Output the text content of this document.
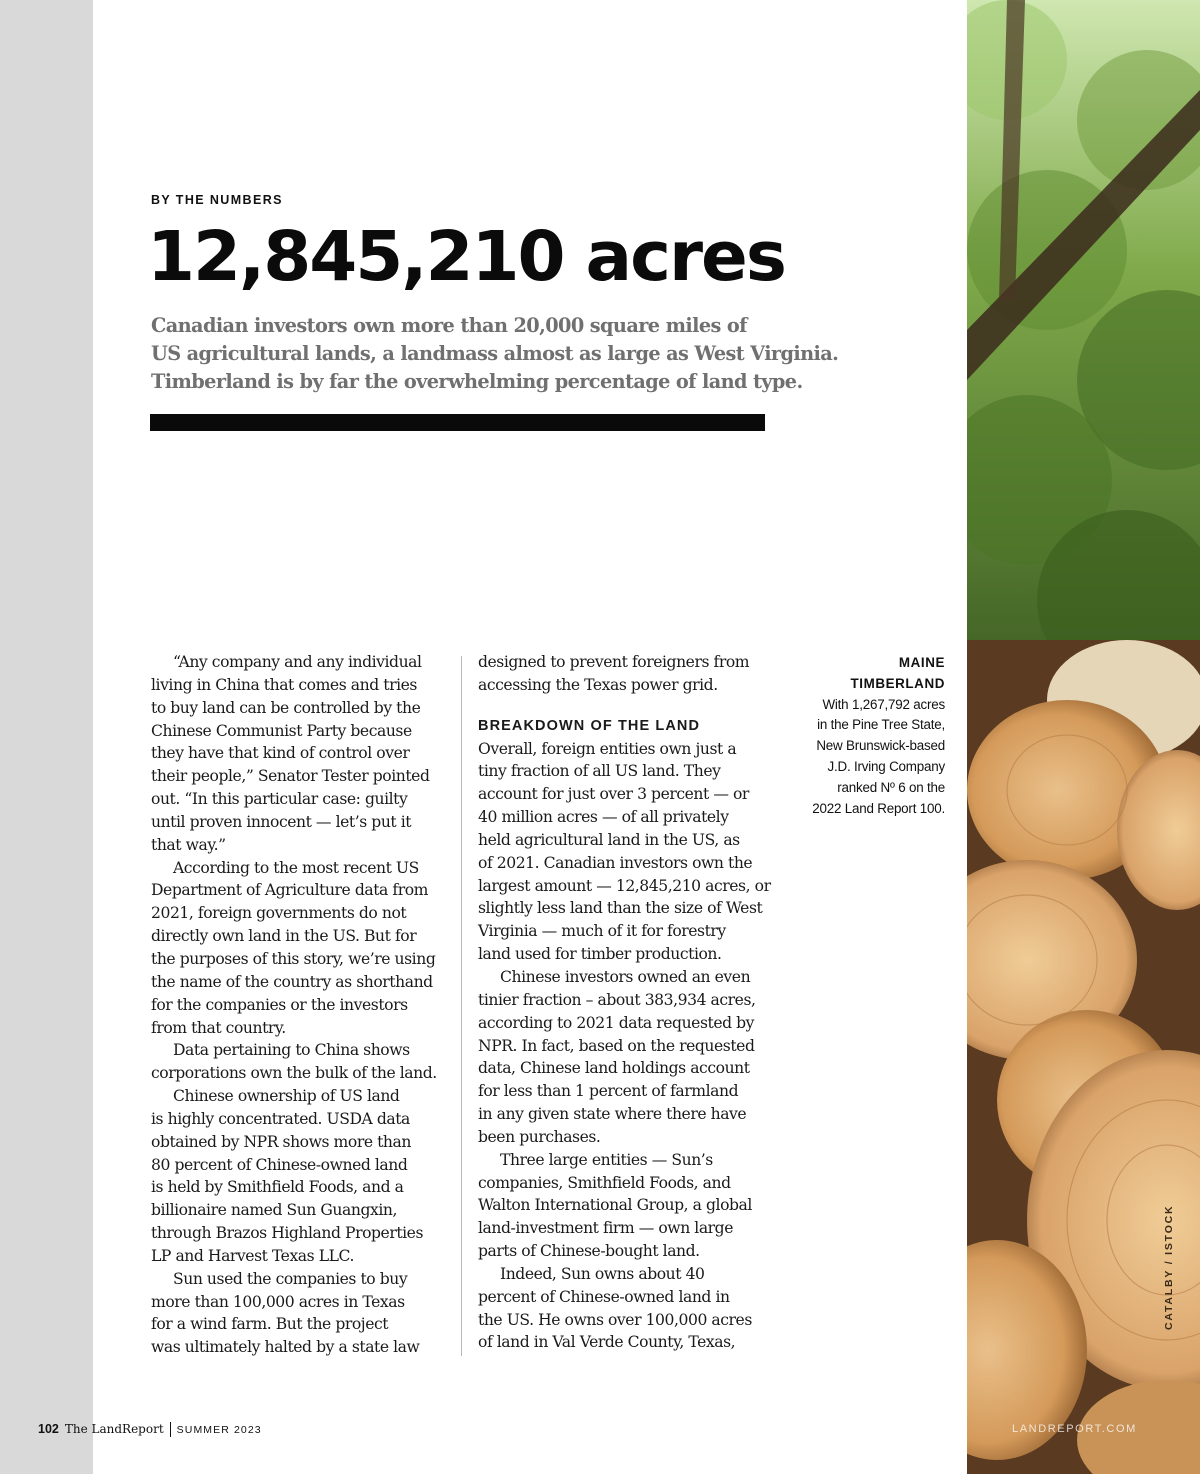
BY THE NUMBERS
12,845,210 acres

Canadian investors own more than 20,000 square miles of

US agricultural lands, a landmass almost as large as West Virginia.

Timberland is by far the overwhelming percentage of land type.

“Any company and any individual
living in China that comes and tries
to buy land can be controlled by the
Chinese Communist Party because
they have that kind of control over
their people,” Senator Tester pointed
out. “In this particular case: guilty
until proven innocent — let’s put it
that way.”
According to the most recent US
Department of Agriculture data from
2021, foreign governments do not
directly own land in the US. But for
the purposes of this story, we’re using
the name of the country as shorthand
for the companies or the investors
from that country.
Data pertaining to China shows
corporations own the bulk of the land.
Chinese ownership of US land
is highly concentrated. USDA data
obtained by NPR shows more than
80 percent of Chinese-owned land
is held by Smithfield Foods, and a
billionaire named Sun Guangxin,
through Brazos Highland Properties
LP and Harvest Texas LLC.
Sun used the companies to buy
more than 100,000 acres in Texas
for a wind farm. But the project
was ultimately halted by a state law
designed to prevent foreigners from
accessing the Texas power grid.
BREAKDOWN OF THE LAND
Overall, foreign entities own just a
tiny fraction of all US land. They
account for just over 3 percent — or
40 million acres — of all privately
held agricultural land in the US, as
of 2021. Canadian investors own the
largest amount — 12,845,210 acres, or
slightly less land than the size of West
Virginia — much of it for forestry
land used for timber production.
Chinese investors owned an even
tinier fraction – about 383,934 acres,
according to 2021 data requested by
NPR. In fact, based on the requested
data, Chinese land holdings account
for less than 1 percent of farmland
in any given state where there have
been purchases.
Three large entities — Sun’s
companies, Smithfield Foods, and
Walton International Group, a global
land-investment firm — own large
parts of Chinese-bought land.
Indeed, Sun owns about 40
percent of Chinese-owned land in
the US. He owns over 100,000 acres
of land in Val Verde County, Texas,
MAINE
TIMBERLAND
With 1,267,792 acres
in the Pine Tree State,
New Brunswick-based
J.D. Irving Company
ranked Nº 6 on the
2022 Land Report 100.
CATALBY / ISTOCK
102 The LandReport SUMMER 2023	LANDREPORT.COM
